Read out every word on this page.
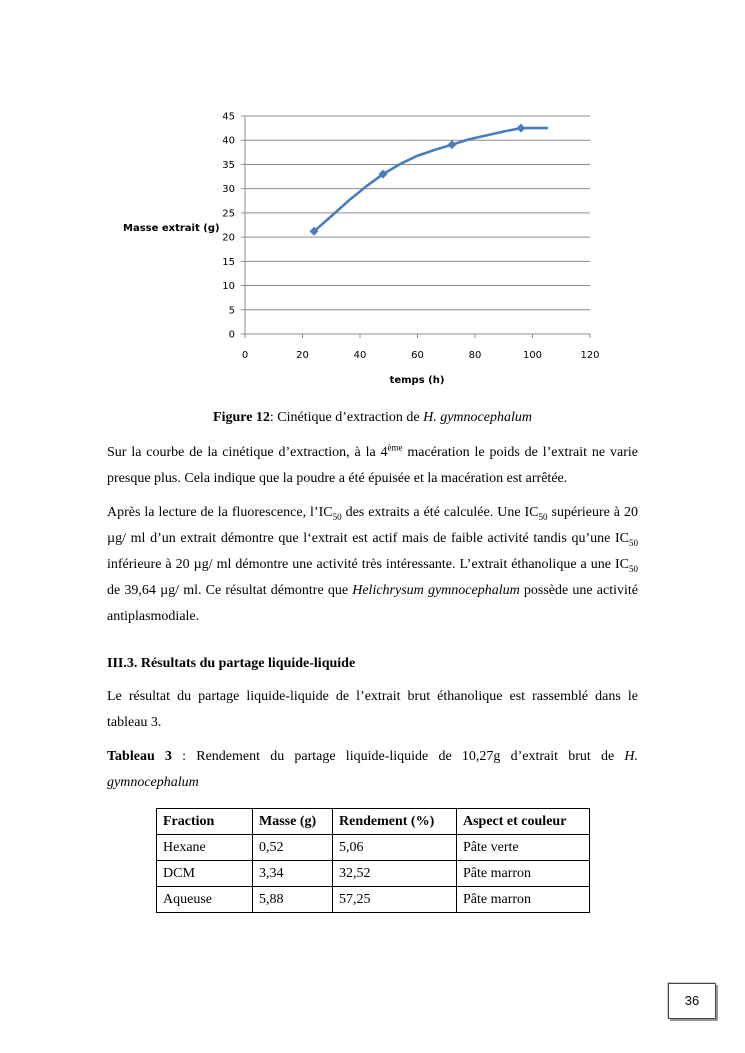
0
5
10
15
20
25
30
35
40
45
0	20	40	60	80	100	120
Masse extrait (g)
temps (h)
Figure 12: Cinétique d’extraction de H. gymnocephalum

Sur la courbe de la cinétique d’extraction, à la 4ème macération le poids de l’extrait ne varie presque plus. Cela indique que la poudre a été épuisée et la macération est arrêtée.

Après la lecture de la fluorescence, $l’IC_{50}$ des extraits a été calculée. Une $IC_{50}$ supérieure à 20 µg/ ml d’un extrait démontre que l‘extrait est actif mais de faible activité tandis qu’une $IC_{50}$ inférieure à 20 µg/ ml démontre une activité très intéressante. L’extrait éthanolique a une $IC_{50}$ de 39,64 µg/ ml. Ce résultat démontre que Helichrysum gymnocephalum possède une activité antiplasmodiale.

III.3. Résultats du partage liquide-liquide

Le résultat du partage liquide-liquide de l’extrait brut éthanolique est rassemblé dans le tableau 3.

Tableau 3 : Rendement du partage liquide-liquide de 10,27g d’extrait brut de H. gymnocephalum

Fraction	Masse (g)	Rendement (%)	Aspect et couleur
Hexane	0,52	5,06	Pâte verte
DCM	3,34	32,52	Pâte marron
Aqueuse	5,88	57,25	Pâte marron
36
